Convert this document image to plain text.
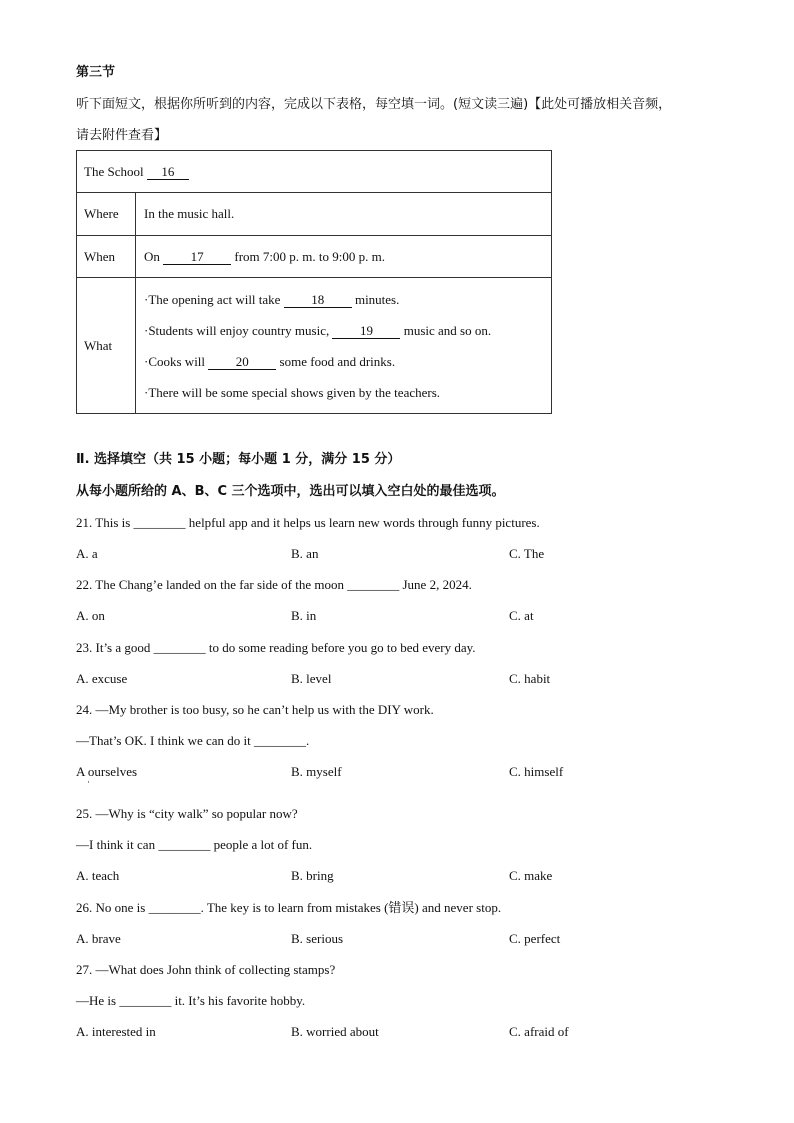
第三节
听下面短文，根据你所听到的内容，完成以下表格，每空填一词。(短文读三遍)【此处可播放相关音频，
请去附件查看】
The School 16	
Where	In the music hall.
When	On 17 from 7:00 p. m. to 9:00 p. m.
What	·The opening act will take 18 minutes.
·Students will enjoy country music, 19 music and so on.
·Cooks will 20 some food and drinks.
·There will be some special shows given by the teachers.
Ⅱ. 选择填空（共 15 小题；每小题 1 分，满分 15 分）
从每小题所给的 A、B、C 三个选项中，选出可以填入空白处的最佳选项。
21. This is ________ helpful app and it helps us learn new words through funny pictures.
A. a	B. an	C. The
22. The Chang’e landed on the far side of the moon ________ June 2, 2024.
A. on	B. in	C. at
23. It’s a good ________ to do some reading before you go to bed every day.
A. excuse	B. level	C. habit
24. —My brother is too busy, so he can’t help us with the DIY work.
—That’s OK. I think we can do it ________.
A ourselves	B. myself	C. himself
·
25. —Why is “city walk” so popular now?
—I think it can ________ people a lot of fun.
A. teach	B. bring	C. make
26. No one is ________. The key is to learn from mistakes (错误) and never stop.
A. brave	B. serious	C. perfect
27. —What does John think of collecting stamps?
—He is ________ it. It’s his favorite hobby.
A. interested in	B. worried about	C. afraid of
